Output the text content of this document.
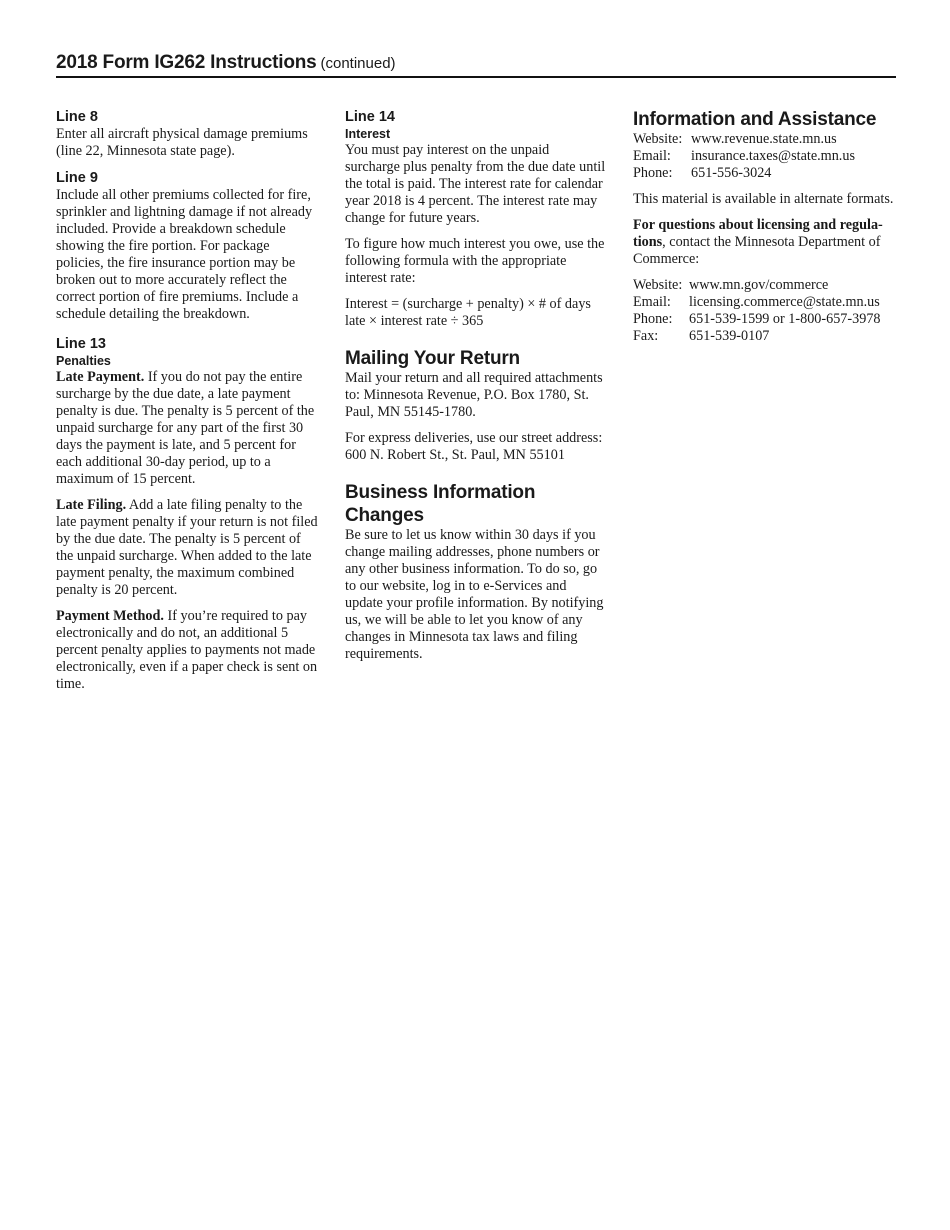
2018 Form IG262 Instructions (continued)
Line 8

Enter all aircraft physical damage premiums (line 22, Minnesota state page).

Line 9

Include all other premiums collected for fire, sprinkler and lightning damage if not already included. Provide a breakdown schedule showing the fire portion. For package policies, the fire insurance portion may be broken out to more accurately reflect the correct portion of fire premiums. Include a schedule detailing the breakdown.

Line 13
Penalties

Late Payment. If you do not pay the entire surcharge by the due date, a late payment penalty is due. The penalty is 5 percent of the unpaid surcharge for any part of the first 30 days the payment is late, and 5 percent for each additional 30-day period, up to a maximum of 15 percent.

Late Filing. Add a late filing penalty to the late payment penalty if your return is not filed by the due date. The penalty is 5 percent of the unpaid surcharge. When added to the late payment penalty, the maximum combined penalty is 20 percent.

Payment Method. If you’re required to pay electronically and do not, an additional 5 percent penalty applies to payments not made electronically, even if a paper check is sent on time.

Line 14
Interest

You must pay interest on the unpaid surcharge plus penalty from the due date until the total is paid. The interest rate for calendar year 2018 is 4 percent. The interest rate may change for future years.

To figure how much interest you owe, use the following formula with the appropriate interest rate:

Interest = (surcharge + penalty) × # of days late × interest rate ÷ 365

Mailing Your Return

Mail your return and all required attachments to: Minnesota Revenue, P.O. Box 1780, St. Paul, MN 55145-1780.

For express deliveries, use our street address: 600 N. Robert St., St. Paul, MN 55101

Business Information Changes

Be sure to let us know within 30 days if you change mailing addresses, phone numbers or any other business information. To do so, go to our website, log in to e-Services and update your profile information. By notifying us, we will be able to let you know of any changes in Minnesota tax laws and filing requirements.

Information and Assistance
Website:	www.revenue.state.mn.us
Email:	insurance.taxes@state.mn.us
Phone:	651-556-3024

This material is available in alternate formats.

For questions about licensing and regulations, contact the Minnesota Department of Commerce:

Website:	www.mn.gov/commerce
Email:	licensing.commerce@state.mn.us
Phone:	651-539-1599 or 1-800-657-3978
Fax:	651-539-0107
